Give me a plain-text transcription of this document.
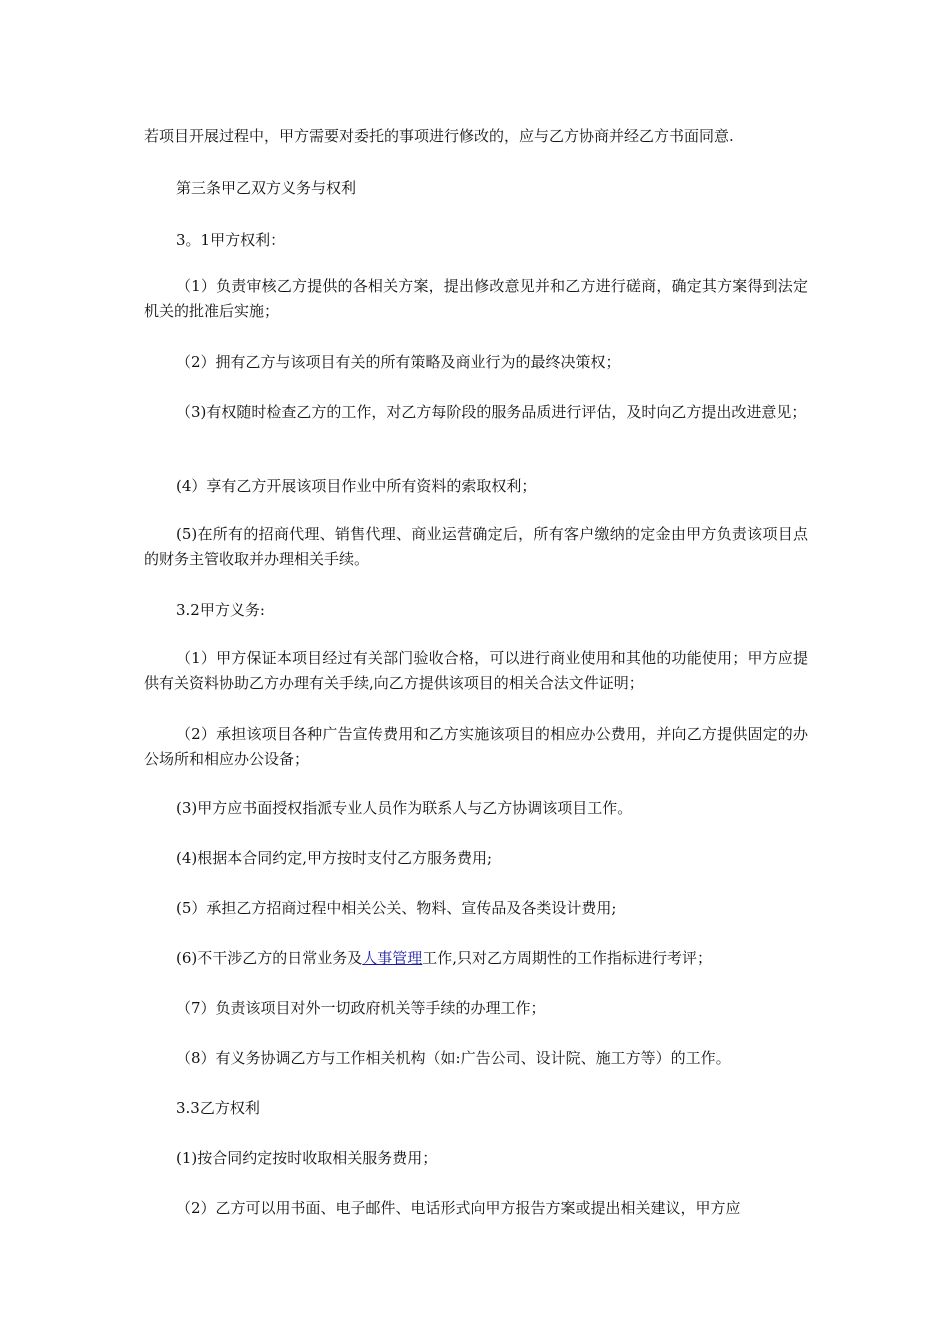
若项目开展过程中，甲方需要对委托的事项进行修改的，应与乙方协商并经乙方书面同意.

第三条甲乙双方义务与权利

3。1甲方权利：

（1）负责审核乙方提供的各相关方案，提出修改意见并和乙方进行磋商，确定其方案得到法定机关的批准后实施；

（2）拥有乙方与该项目有关的所有策略及商业行为的最终决策权；

（3)有权随时检查乙方的工作，对乙方每阶段的服务品质进行评估，及时向乙方提出改进意见；

(4）享有乙方开展该项目作业中所有资料的索取权利；

(5)在所有的招商代理、销售代理、商业运营确定后，所有客户缴纳的定金由甲方负责该项目点的财务主管收取并办理相关手续。

3.2甲方义务:

（1）甲方保证本项目经过有关部门验收合格，可以进行商业使用和其他的功能使用；甲方应提供有关资料协助乙方办理有关手续,向乙方提供该项目的相关合法文件证明；

（2）承担该项目各种广告宣传费用和乙方实施该项目的相应办公费用，并向乙方提供固定的办公场所和相应办公设备；

(3)甲方应书面授权指派专业人员作为联系人与乙方协调该项目工作。

(4)根据本合同约定,甲方按时支付乙方服务费用;

(5）承担乙方招商过程中相关公关、物料、宣传品及各类设计费用;

(6)不干涉乙方的日常业务及人事管理工作,只对乙方周期性的工作指标进行考评；

（7）负责该项目对外一切政府机关等手续的办理工作；

（8）有义务协调乙方与工作相关机构（如:广告公司、设计院、施工方等）的工作。

3.3乙方权利

(1)按合同约定按时收取相关服务费用；

（2）乙方可以用书面、电子邮件、电话形式向甲方报告方案或提出相关建议，甲方应
